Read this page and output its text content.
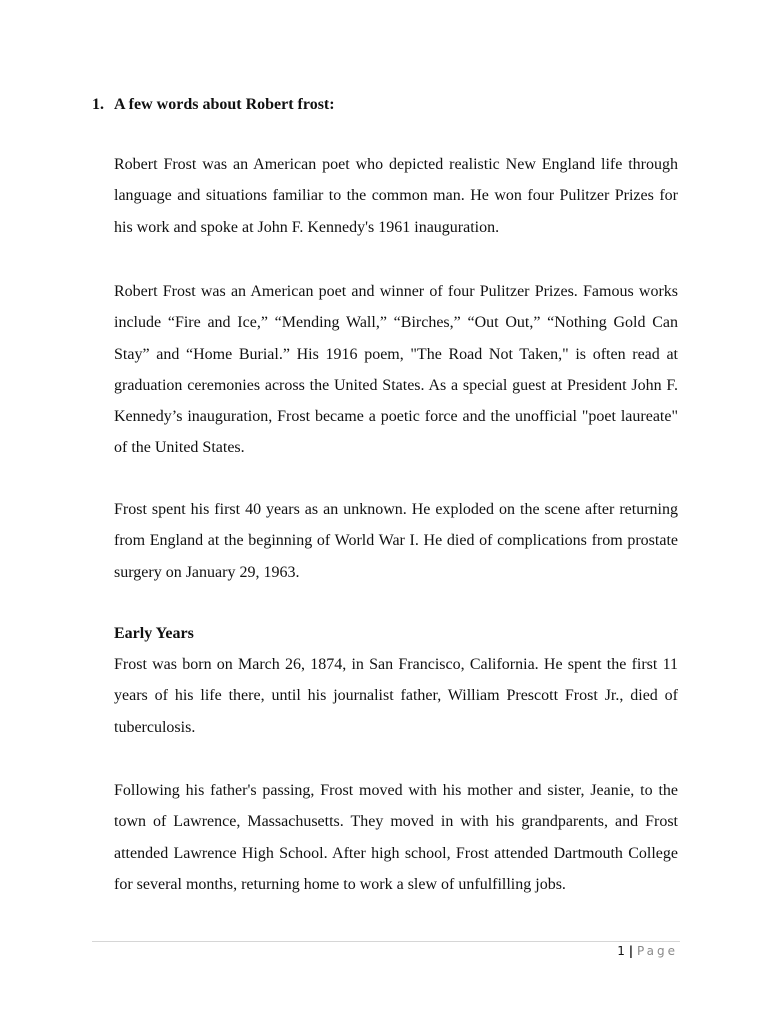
1. A few words about Robert frost:

Robert Frost was an American poet who depicted realistic New England life through language and situations familiar to the common man. He won four Pulitzer Prizes for his work and spoke at John F. Kennedy's 1961 inauguration.

Robert Frost was an American poet and winner of four Pulitzer Prizes. Famous works include “Fire and Ice,” “Mending Wall,” “Birches,” “Out Out,” “Nothing Gold Can Stay” and “Home Burial.” His 1916 poem, "The Road Not Taken," is often read at graduation ceremonies across the United States. As a special guest at President John F. Kennedy’s inauguration, Frost became a poetic force and the unofficial "poet laureate" of the United States.

Frost spent his first 40 years as an unknown. He exploded on the scene after returning from England at the beginning of World War I. He died of complications from prostate surgery on January 29, 1963.

Early Years

Frost was born on March 26, 1874, in San Francisco, California. He spent the first 11 years of his life there, until his journalist father, William Prescott Frost Jr., died of tuberculosis.

Following his father's passing, Frost moved with his mother and sister, Jeanie, to the town of Lawrence, Massachusetts. They moved in with his grandparents, and Frost attended Lawrence High School. After high school, Frost attended Dartmouth College for several months, returning home to work a slew of unfulfilling jobs.

1 | Page
